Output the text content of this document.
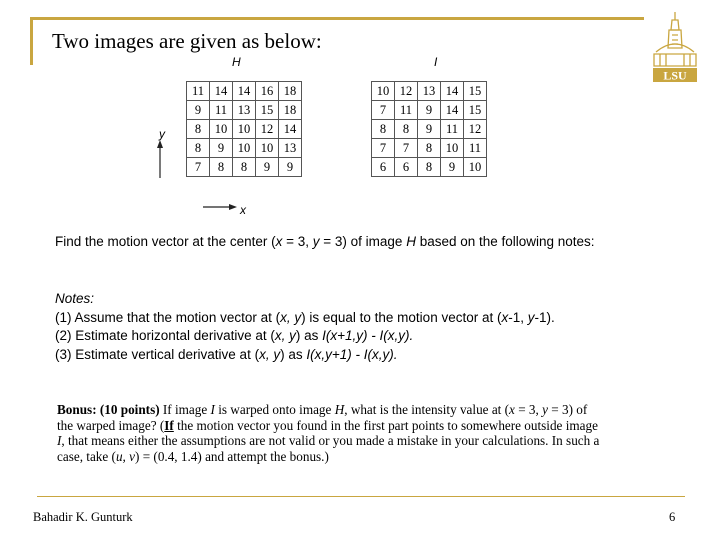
Two images are given as below:
LSU
H	I
11	14	14	16	18
9	11	13	15	18
8	10	10	12	14
8	9	10	10	13
7	8	8	9	9
10	12	13	14	15
7	11	9	14	15
8	8	9	11	12
7	7	8	10	11
6	6	8	9	10
y
x
Find the motion vector at the center (x = 3, y = 3) of image H based on the following notes:
Notes:
(1) Assume that the motion vector at (x, y) is equal to the motion vector at (x-1, y-1).
(2) Estimate horizontal derivative at (x, y) as I(x+1,y) - I(x,y).
(3) Estimate vertical derivative at (x, y) as I(x,y+1) - I(x,y).
Bonus: (10 points) If image I is warped onto image H, what is the intensity value at (x = 3, y = 3) of the warped image? (If the motion vector you found in the first part points to somewhere outside image I, that means either the assumptions are not valid or you made a mistake in your calculations. In such a case, take (u, v) = (0.4, 1.4) and attempt the bonus.)
Bahadir K. Gunturk	6
